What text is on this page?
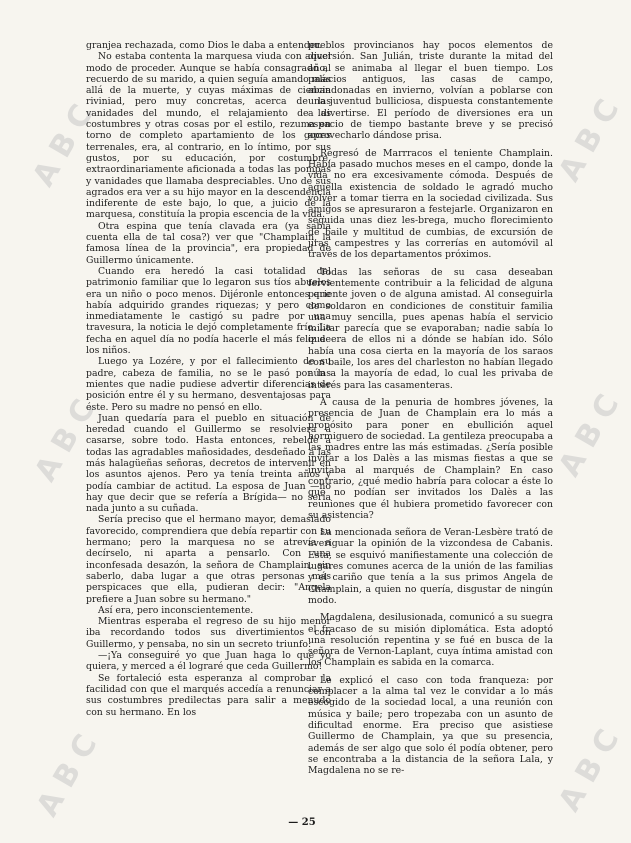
ABC
ABC
ABC
ABC
ABC
ABC

granjea rechazada, como Dios le daba a entender.

No estaba contenta la marquesa viuda con aquel modo de proceder. Aunque se había consagrado al recuerdo de su marido, a quien seguía amando más allá de la muerte, y cuyas máximas de ciencia riviniad, pero muy concretas, acerca de las vanidades del mundo, el relajamiento de las costumbres y otras cosas por el estilo, rezuma en torno de completo apartamiento de los goces terrenales, era, al contrario, en lo íntimo, por sus gustos, por su educación, por costumbre, extraordinariamente aficionada a todas las pompas y vanidades que llamaba despreciables. Uno de sus agrados era ver a su hijo mayor en la descendencia indiferente de este bajo, lo que, a juicio de la marquesa, constituía la propia escencia de la vida.

Otra espina que tenía clavada era (ya sabía cuenta ella de tal cosa?) ver que "Champlain, la famosa línea de la provincia", era propiedad de Guillermo únicamente.

Cuando era heredó la casi totalidad del patrimonio familiar que lo legaron sus tíos abuelos era un niño o poco menos. Dijéronle entonces que había adquirido grandes riquezas; y pero como inmediatamente le castigó su padre por una travesura, la noticia le dejó completamente frío. La fecha en aquel día no podía hacerle el más feliz de los niños.

Luego ya Lozére, y por el fallecimiento de su padre, cabeza de familia, no se le pasó por las mientes que nadie pudiese advertir diferencias de posición entre él y su hermano, desventajosas para éste. Pero su madre no pensó en ello.

Juan quedaría para el pueblo en situación de heredad cuando el Guillermo se resolviera a casarse, sobre todo. Hasta entonces, rebelde a todas las agradables mañosidades, desdeñado a las más halagüeñas señoras, decretos de intervenir en los asuntos ajenos. Pero ya tenía treinta años y podía cambiar de actitud. La esposa de Juan —no hay que decir que se refería a Brígida— no sería nada junto a su cuñada.

Sería preciso que el hermano mayor, demasiado favorecido, comprendiera que debía repartir con su hermano; pero la marquesa no se atrevía a decírselo, ni aparta a pensarlo. Con una inconfesada desazón, la señora de Champlain, sin saberlo, daba lugar a que otras personas más perspicaces que ella, pudieran decir: "Angela prefiere a Juan sobre su hermano."

Así era, pero inconscientemente.

Mientras esperaba el regreso de su hijo menor iba recordando todos sus divertimientos con Guillermo, y pensaba, no sin un secreto triunfo:

—¡Ya conseguiré yo que Juan haga lo que yo quiera, y merced a él lograré que ceda Guillermo!

Se fortaleció esta esperanza al comprobar la facilidad con que el marqués accedía a renunciar a sus costumbres predilectas para salir a menudo con su hermano. En los

pueblos provincianos hay pocos elementos de diversión. San Julián, triste durante la mitad del año, se animaba al llegar el buen tiempo. Los palacios antiguos, las casas de campo, abandonadas en invierno, volvían a poblarse con una juventud bulliciosa, dispuesta constantemente a divertirse. El período de diversiones era un espacio de tiempo bastante breve y se precisó aprovecharlo dándose prisa.

Regresó de Marrracos el teniente Champlain. Había pasado muchos meses en el campo, donde la vida no era excesivamente cómoda. Después de aquella existencia de soldado le agradó mucho volver a tomar tierra en la sociedad civilizada. Sus amigos se apresuraron a festejarle. Organizaron en seguida unas diez les-brega, mucho florecimiento de baile y multitud de cumbias, de excursión de jiras campestres y las correrías en automóvil al través de los departamentos próximos.

Todas las señoras de su casa deseaban fervientemente contribuir a la felicidad de alguna pariente joven o de alguna amistad. Al conseguirla de soldaron en condiciones de constituir familia una muy sencilla, pues apenas había el servicio militar parecía que se evaporaban; nadie sabía lo que era de ellos ni a dónde se habían ido. Sólo había una cosa cierta en la mayoría de los saraos con baile, los ares del charleston no habían llegado aún a la mayoría de edad, lo cual les privaba de interés para las casamenteras.

A causa de la penuria de hombres jóvenes, la presencia de Juan de Champlain era lo más a propósito para poner en ebullición aquel hormiguero de sociedad. La gentileza preocupaba a las madres entre las más estimadas. ¿Sería posible invitar a los Dalès a las mismas fiestas a que se invitaba al marqués de Champlain? En caso contrario, ¿qué medio habría para colocar a éste lo que no podían ser invitados los Dalès a las reuniones que él hubiera prometido favorecer con su asistencia?

La mencionada señora de Veran-Lesbère trató de averiguar la opinión de la vizcondesa de Cabanis. Esta, se esquivó manifiestamente una colección de lugares comunes acerca de la unión de las familias y el cariño que tenía a la sus primos Angela de Champlain, a quien no quería, disgustar de ningún modo.

Magdalena, desilusionada, comunicó a su suegra el fracaso de su misión diplomática. Esta adoptó una resolución repentina y se fué en busca de la señora de Vernon-Laplant, cuya íntima amistad con los Champlain es sabida en la comarca.

Le explicó el caso con toda franqueza: por complacer a la alma tal vez le convidar a lo más escogido de la sociedad local, a una reunión con música y baile; pero tropezaba con un asunto de dificultad enorme. Era preciso que asistiese Guillermo de Champlain, ya que su presencia, además de ser algo que solo él podía obtener, pero se encontraba a la distancia de la señora Lala, y Magdalena no se re-

— 25
